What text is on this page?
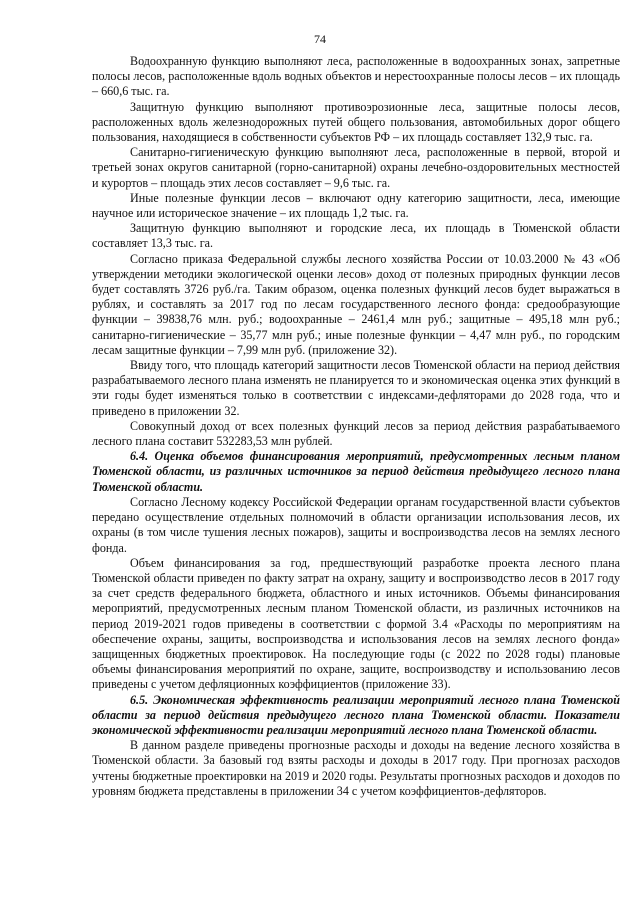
74

Водоохранную функцию выполняют леса, расположенные в водоохранных зонах, запретные полосы лесов, расположенные вдоль водных объектов и нерестоохранные полосы лесов – их площадь – 660,6 тыс. га.

Защитную функцию выполняют противоэрозионные леса, защитные полосы лесов, расположенных вдоль железнодорожных путей общего пользования, автомобильных дорог общего пользования, находящиеся в собственности субъектов РФ – их площадь составляет 132,9 тыс. га.

Санитарно-гигиеническую функцию выполняют леса, расположенные в первой, второй и третьей зонах округов санитарной (горно-санитарной) охраны лечебно-оздоровительных местностей и курортов – площадь этих лесов составляет – 9,6 тыс. га.

Иные полезные функции лесов – включают одну категорию защитности, леса, имеющие научное или историческое значение – их площадь 1,2 тыс. га.

Защитную функцию выполняют и городские леса, их площадь в Тюменской области составляет 13,3 тыс. га.

Согласно приказа Федеральной службы лесного хозяйства России от 10.03.2000 № 43 «Об утверждении методики экологической оценки лесов» доход от полезных природных функции лесов будет составлять 3726 руб./га. Таким образом, оценка полезных функций лесов будет выражаться в рублях, и составлять за 2017 год по лесам государственного лесного фонда: средообразующие функции – 39838,76 млн. руб.; водоохранные – 2461,4 млн руб.; защитные – 495,18 млн руб.; санитарно-гигиенические – 35,77 млн руб.; иные полезные функции – 4,47 млн руб., по городским лесам защитные функции – 7,99 млн руб. (приложение 32).

Ввиду того, что площадь категорий защитности лесов Тюменской области на период действия разрабатываемого лесного плана изменять не планируется то и экономическая оценка этих функций в эти годы будет изменяться только в соответствии с индексами-дефляторами до 2028 года, что и приведено в приложении 32.

Совокупный доход от всех полезных функций лесов за период действия разрабатываемого лесного плана составит 532283,53 млн рублей.

6.4. Оценка объемов финансирования мероприятий, предусмотренных лесным планом Тюменской области, из различных источников за период действия предыдущего лесного плана Тюменской области.

Согласно Лесному кодексу Российской Федерации органам государственной власти субъектов передано осуществление отдельных полномочий в области организации использования лесов, их охраны (в том числе тушения лесных пожаров), защиты и воспроизводства лесов на землях лесного фонда.

Объем финансирования за год, предшествующий разработке проекта лесного плана Тюменской области приведен по факту затрат на охрану, защиту и воспроизводство лесов в 2017 году за счет средств федерального бюджета, областного и иных источников. Объемы финансирования мероприятий, предусмотренных лесным планом Тюменской области, из различных источников на период 2019-2021 годов приведены в соответствии с формой 3.4 «Расходы по мероприятиям на обеспечение охраны, защиты, воспроизводства и использования лесов на землях лесного фонда» защищенных бюджетных проектировок. На последующие годы (с 2022 по 2028 годы) плановые объемы финансирования мероприятий по охране, защите, воспроизводству и использованию лесов приведены с учетом дефляционных коэффициентов (приложение 33).

6.5. Экономическая эффективность реализации мероприятий лесного плана Тюменской области за период действия предыдущего лесного плана Тюменской области. Показатели экономической эффективности реализации мероприятий лесного плана Тюменской области.

В данном разделе приведены прогнозные расходы и доходы на ведение лесного хозяйства в Тюменской области. За базовый год взяты расходы и доходы в 2017 году. При прогнозах расходов учтены бюджетные проектировки на 2019 и 2020 годы. Результаты прогнозных расходов и доходов по уровням бюджета представлены в приложении 34 с учетом коэффициентов-дефляторов.
